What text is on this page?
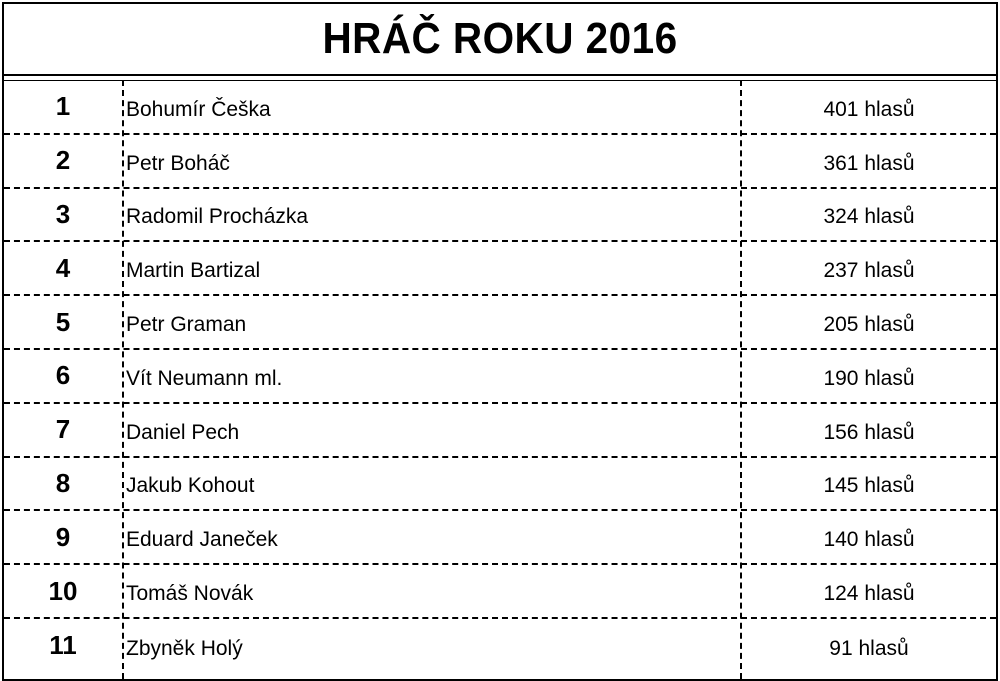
HRÁČ ROKU 2016
1	Bohumír Češka	401 hlasů
2	Petr Boháč	361 hlasů
3	Radomil Procházka	324 hlasů
4	Martin Bartizal	237 hlasů
5	Petr Graman	205 hlasů
6	Vít Neumann ml.	190 hlasů
7	Daniel Pech	156 hlasů
8	Jakub Kohout	145 hlasů
9	Eduard Janeček	140 hlasů
10	Tomáš Novák	124 hlasů
11	Zbyněk Holý	91 hlasů
